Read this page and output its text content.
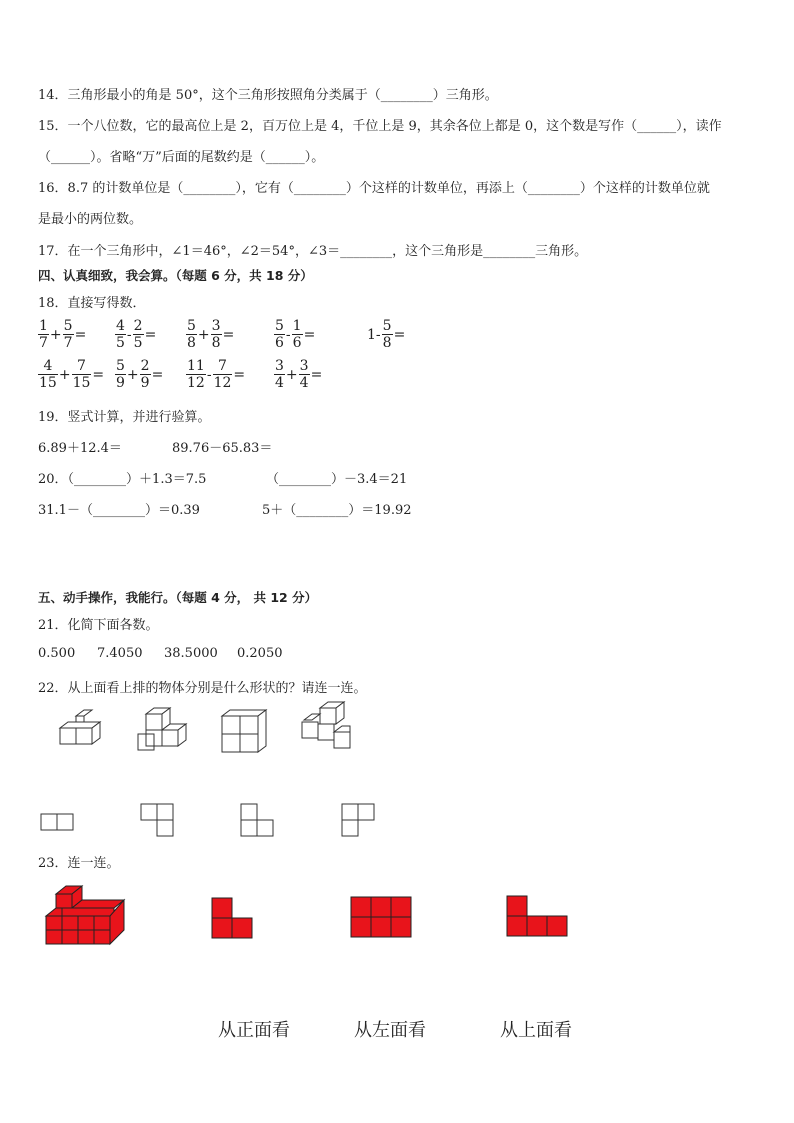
14．三角形最小的角是 50°，这个三角形按照角分类属于（________）三角形。
15．一个八位数，它的最高位上是 2，百万位上是 4，千位上是 9，其余各位上都是 0，这个数是写作（______），读作
（______）。省略“万”后面的尾数约是（______）。
16．8.7 的计数单位是（________），它有（________）个这样的计数单位，再添上（________）个这样的计数单位就
是最小的两位数。
17．在一个三角形中，∠1＝46°，∠2＝54°，∠3＝________，这个三角形是________三角形。
四、认真细致，我会算。（每题 6 分，共 18 分）
18．直接写得数．
$\frac{1}{7} + \frac{5}{7} = \frac{4}{5} - \frac{2}{5} = \frac{5}{8} + \frac{3}{8}$ =	$\frac{5}{6} - \frac{1}{6}$ =	$1- \frac{5}{8}$ =
$\frac{4}{15} + \frac{7}{15} = \frac{5}{9} + \frac{2}{9} = \frac{11}{12} - \frac{7}{12} = \frac{3}{4} + \frac{3}{4}$ =
19．竖式计算，并进行验算。
6.89＋12.4＝	89.76－65.83＝
20．（________）＋1.3＝7.5	（________）－3.4＝21
31.1－（________）＝0.39	5＋（________）＝19.92
五、动手操作，我能行。（每题 4 分， 共 12 分）
21．化简下面各数。
0.500 7.4050 38.5000 0.2050
22．从上面看上排的物体分别是什么形状的？请连一连。
23．连一连。
从正面看	从左面看	从上面看
